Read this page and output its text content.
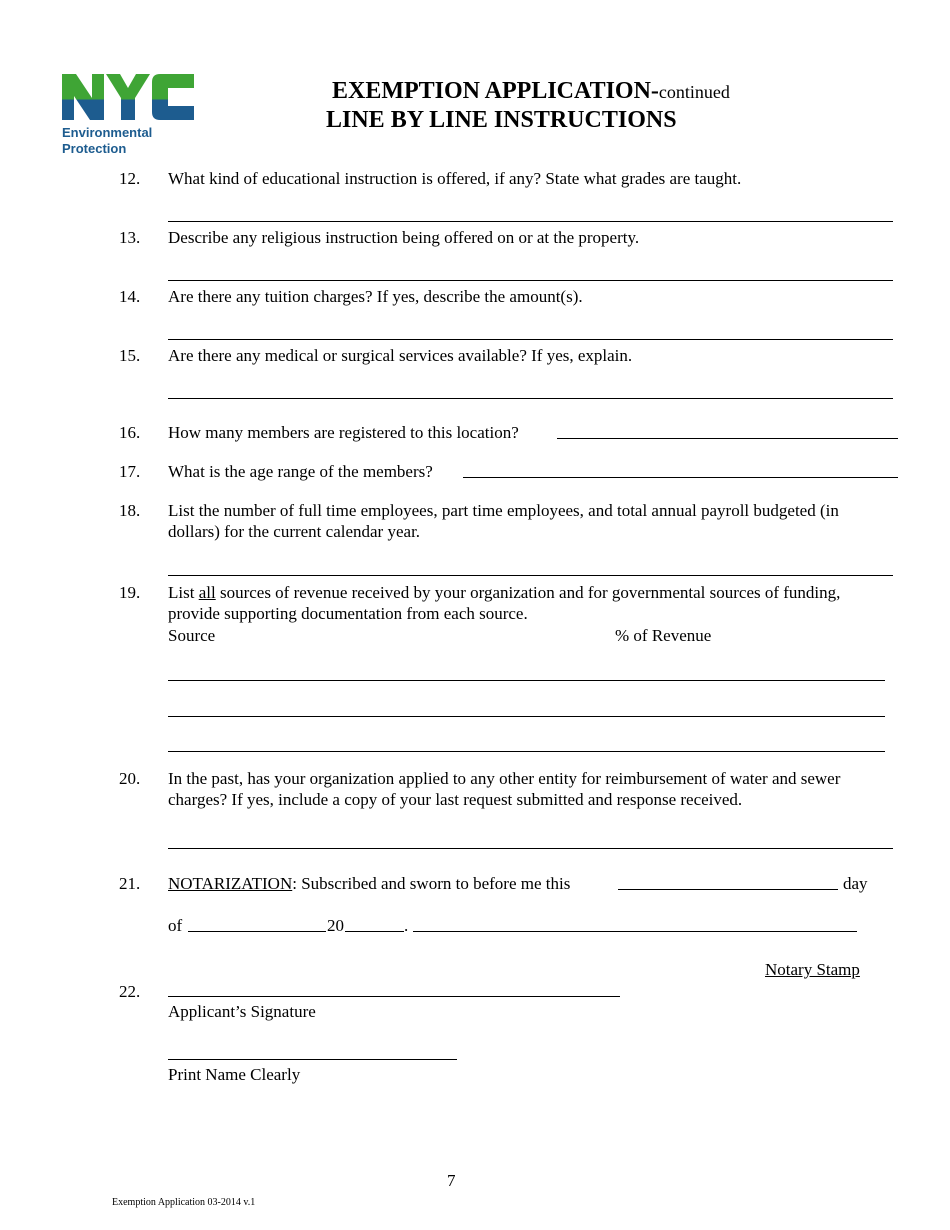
Environmental
Protection
EXEMPTION APPLICATION-continued
LINE BY LINE INSTRUCTIONS
12. What kind of educational instruction is offered, if any? State what grades are taught.
13. Describe any religious instruction being offered on or at the property.
14. Are there any tuition charges? If yes, describe the amount(s).
15. Are there any medical or surgical services available? If yes, explain.
16. How many members are registered to this location?
17. What is the age range of the members?
18. List the number of full time employees, part time employees, and total annual payroll budgeted (in
dollars) for the current calendar year.
19. List all sources of revenue received by your organization and for governmental sources of funding,
provide supporting documentation from each source.
Source	% of Revenue
20. In the past, has your organization applied to any other entity for reimbursement of water and sewer
charges? If yes, include a copy of your last request submitted and response received.
21. NOTARIZATION: Subscribed and sworn to before me this	day
of	20	.
Notary Stamp
22.
Applicant’s Signature
Print Name Clearly
7
Exemption Application 03-2014 v.1
